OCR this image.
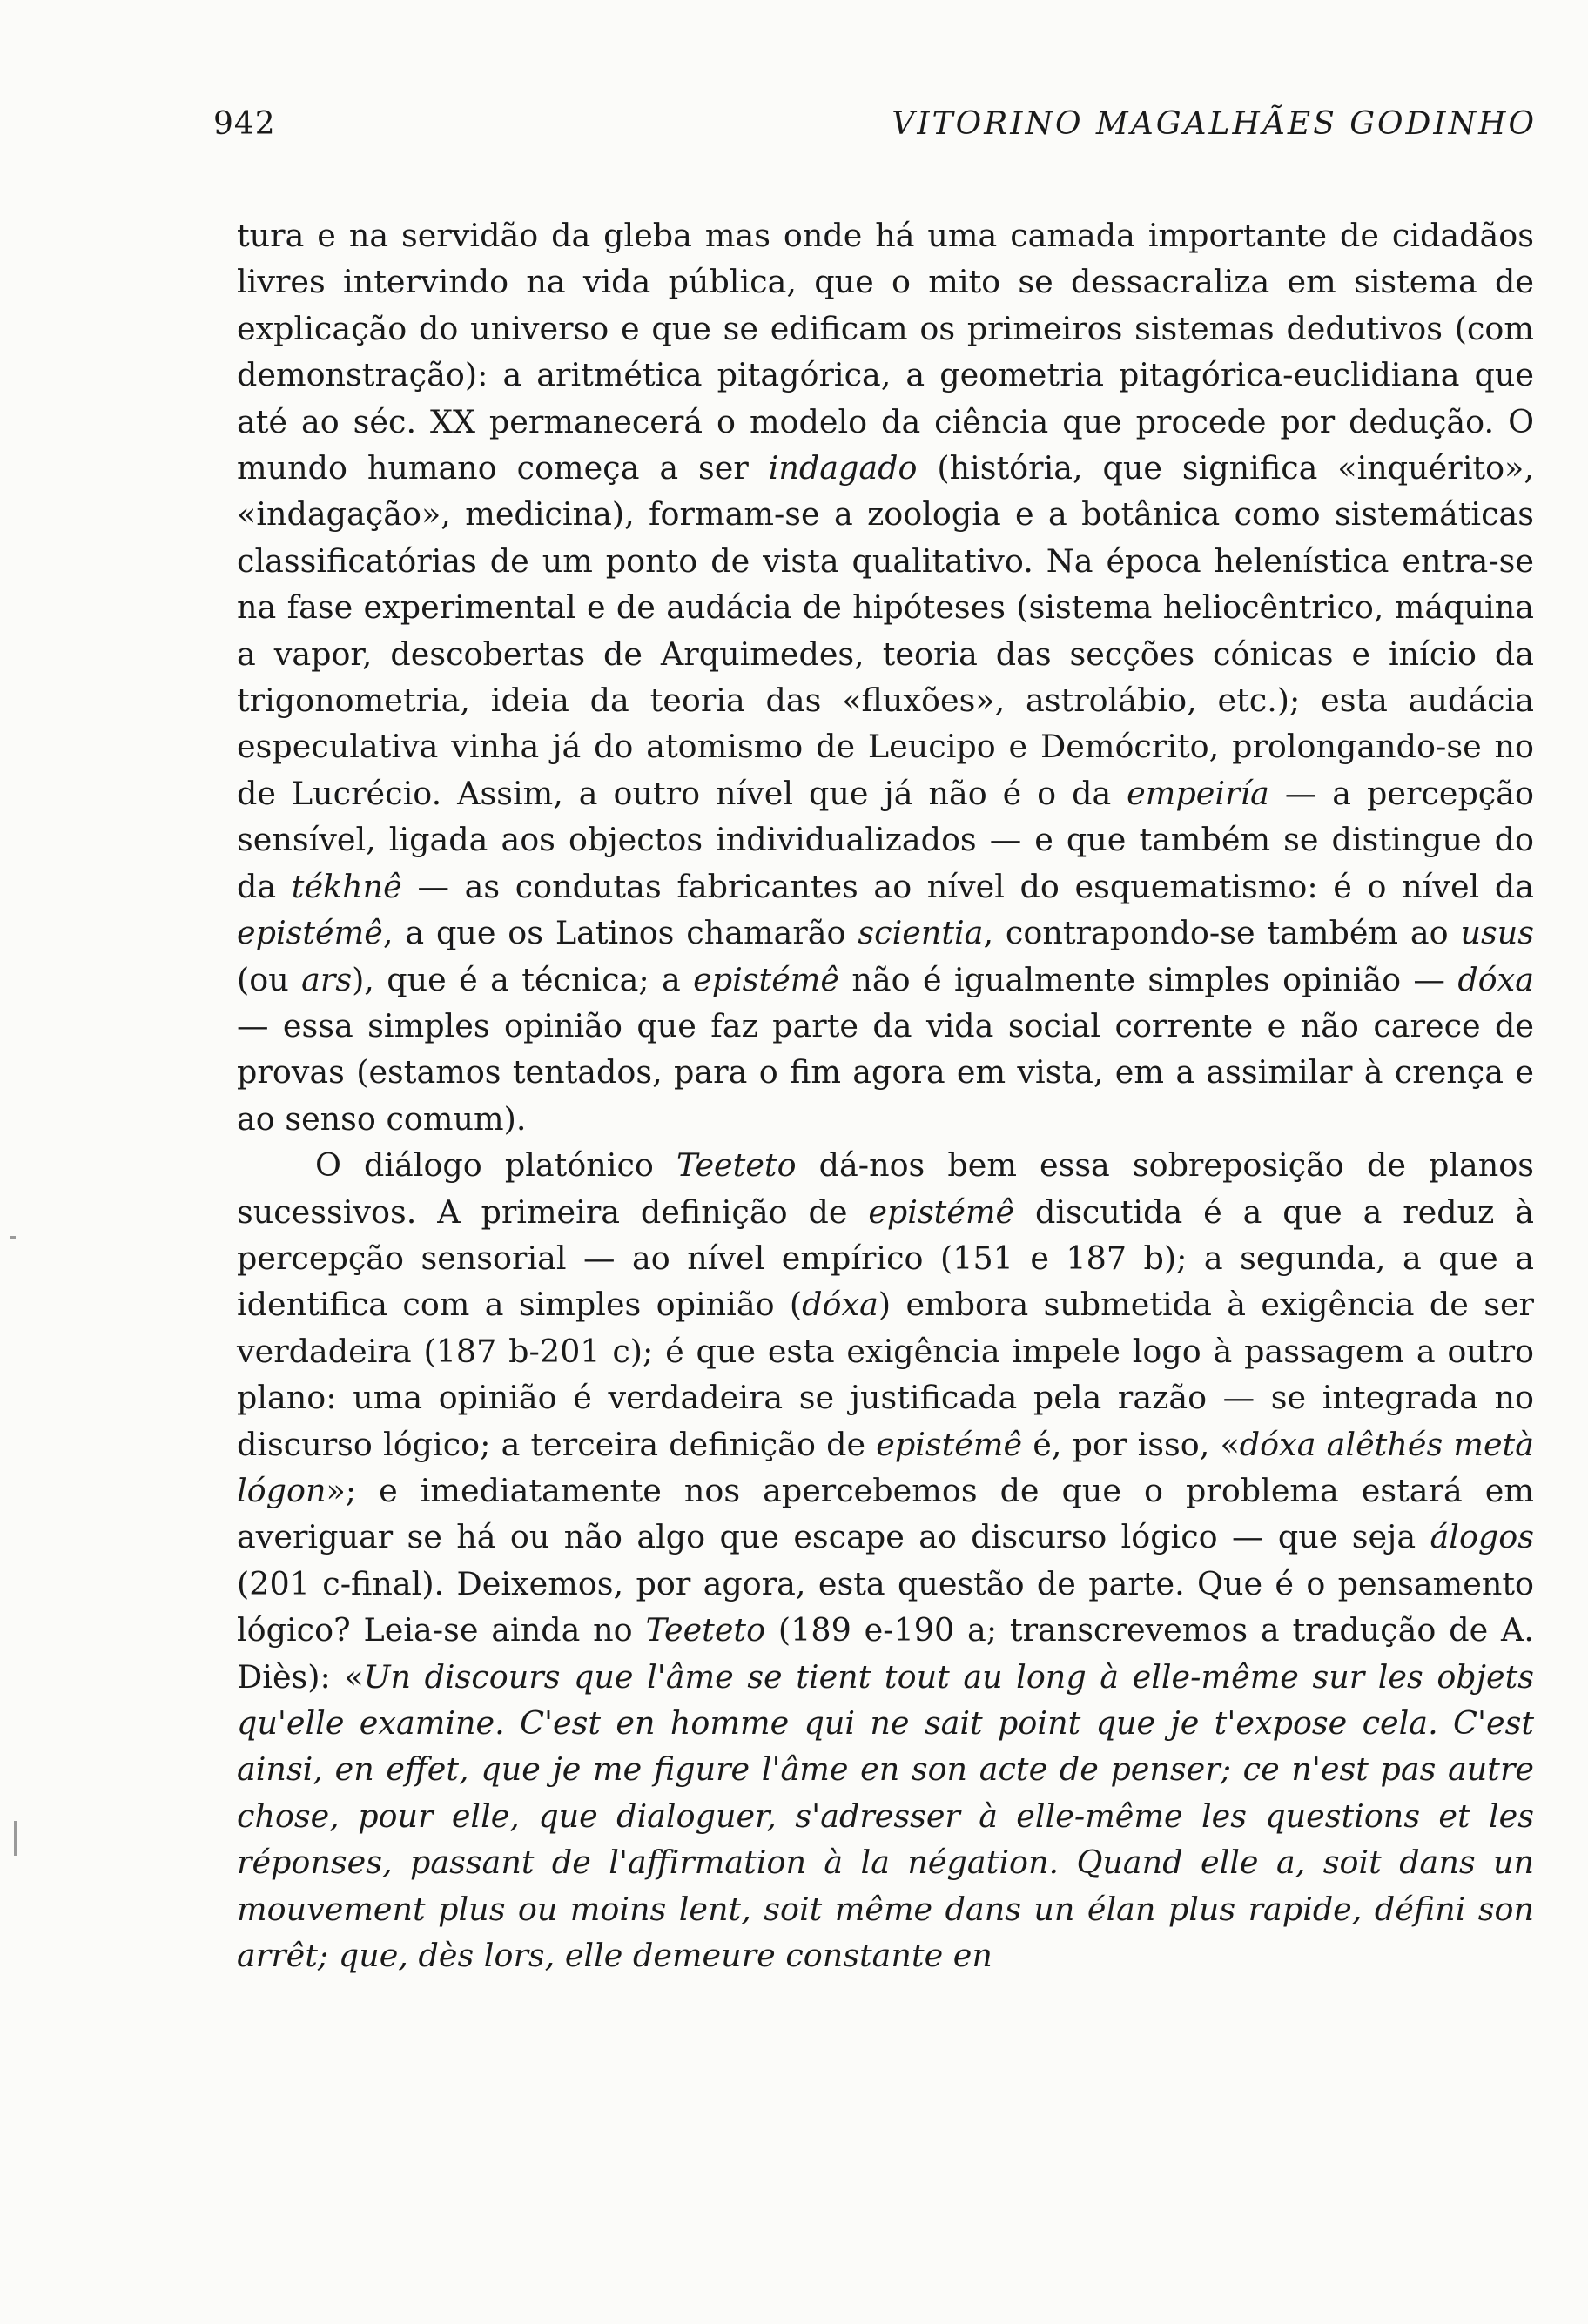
942	VITORINO MAGALHÃES GODINHO

tura e na servidão da gleba mas onde há uma camada importante de cidadãos livres intervindo na vida pública, que o mito se dessacraliza em sistema de explicação do universo e que se edificam os primeiros sistemas dedutivos (com demonstração): a aritmética pitagórica, a geometria pitagórica-euclidiana que até ao séc. XX permanecerá o modelo da ciência que procede por dedução. O mundo humano começa a ser indagado (história, que significa «inquérito», «indagação», medicina), formam-se a zoologia e a botânica como sistemáticas classificatórias de um ponto de vista qualitativo. Na época helenística entra-se na fase experimental e de audácia de hipóteses (sistema heliocêntrico, máquina a vapor, descobertas de Arquimedes, teoria das secções cónicas e início da trigonometria, ideia da teoria das «fluxões», astrolábio, etc.); esta audácia especulativa vinha já do atomismo de Leucipo e Demócrito, prolongando-se no de Lucrécio. Assim, a outro nível que já não é o da empeiría — a percepção sensível, ligada aos objectos individualizados — e que também se distingue do da tékhnê — as condutas fabricantes ao nível do esquematismo: é o nível da epistémê, a que os Latinos chamarão scientia, contrapondo-se também ao usus (ou ars), que é a técnica; a epistémê não é igualmente simples opinião — dóxa — essa simples opinião que faz parte da vida social corrente e não carece de provas (estamos tentados, para o fim agora em vista, em a assimilar à crença e ao senso comum).

O diálogo platónico Teeteto dá-nos bem essa sobreposição de planos sucessivos. A primeira definição de epistémê discutida é a que a reduz à percepção sensorial — ao nível empírico (151 e 187 b); a segunda, a que a identifica com a simples opinião (dóxa) embora submetida à exigência de ser verdadeira (187 b-201 c); é que esta exigência impele logo à passagem a outro plano: uma opinião é verdadeira se justificada pela razão — se integrada no discurso lógico; a terceira definição de epistémê é, por isso, «dóxa alêthés metà lógon»; e imediatamente nos apercebemos de que o problema estará em averiguar se há ou não algo que escape ao discurso lógico — que seja álogos (201 c-final). Deixemos, por agora, esta questão de parte. Que é o pensamento lógico? Leia-se ainda no Teeteto (189 e-190 a; transcrevemos a tradução de A. Diès): «Un discours que l'âme se tient tout au long à elle-même sur les objets qu'elle examine. C'est en homme qui ne sait point que je t'expose cela. C'est ainsi, en effet, que je me figure l'âme en son acte de penser; ce n'est pas autre chose, pour elle, que dialoguer, s'adresser à elle-même les questions et les réponses, passant de l'affirmation à la négation. Quand elle a, soit dans un mouvement plus ou moins lent, soit même dans un élan plus rapide, défini son arrêt; que, dès lors, elle demeure constante en
